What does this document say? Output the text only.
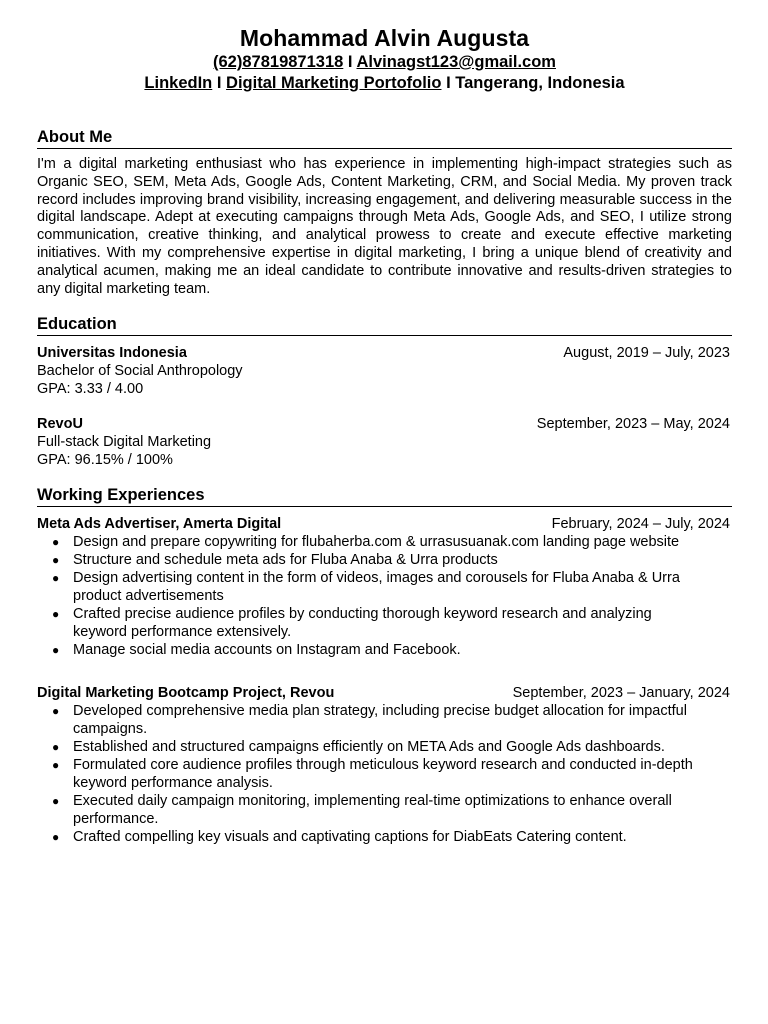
Mohammad Alvin Augusta
(62)87819871318 I Alvinagst123@gmail.com
LinkedIn I Digital Marketing Portofolio I Tangerang, Indonesia
About Me

I'm a digital marketing enthusiast who has experience in implementing high-impact strategies such as Organic SEO, SEM, Meta Ads, Google Ads, Content Marketing, CRM, and Social Media. My proven track record includes improving brand visibility, increasing engagement, and delivering measurable success in the digital landscape. Adept at executing campaigns through Meta Ads, Google Ads, and SEO, I utilize strong communication, creative thinking, and analytical prowess to create and execute effective marketing initiatives. With my comprehensive expertise in digital marketing, I bring a unique blend of creativity and analytical acumen, making me an ideal candidate to contribute innovative and results-driven strategies to any digital marketing team.

Education
Universitas Indonesia	August, 2019 – July, 2023
Bachelor of Social Anthropology
GPA: 3.33 / 4.00
RevoU	September, 2023 – May, 2024
Full-stack Digital Marketing
GPA: 96.15% / 100%
Working Experiences
Meta Ads Advertiser, Amerta Digital	February, 2024 – July, 2024
● Design and prepare copywriting for flubaherba.com & urrasusuanak.com landing page website
● Structure and schedule meta ads for Fluba Anaba & Urra products
● Design advertising content in the form of videos, images and corousels for Fluba Anaba & Urra product advertisements
● Crafted precise audience profiles by conducting thorough keyword research and analyzing keyword performance extensively.
● Manage social media accounts on Instagram and Facebook.
Digital Marketing Bootcamp Project, Revou	September, 2023 – January, 2024
● Developed comprehensive media plan strategy, including precise budget allocation for impactful campaigns.
● Established and structured campaigns efficiently on META Ads and Google Ads dashboards.
● Formulated core audience profiles through meticulous keyword research and conducted in-depth keyword performance analysis.
● Executed daily campaign monitoring, implementing real-time optimizations to enhance overall performance.
● Crafted compelling key visuals and captivating captions for DiabEats Catering content.
